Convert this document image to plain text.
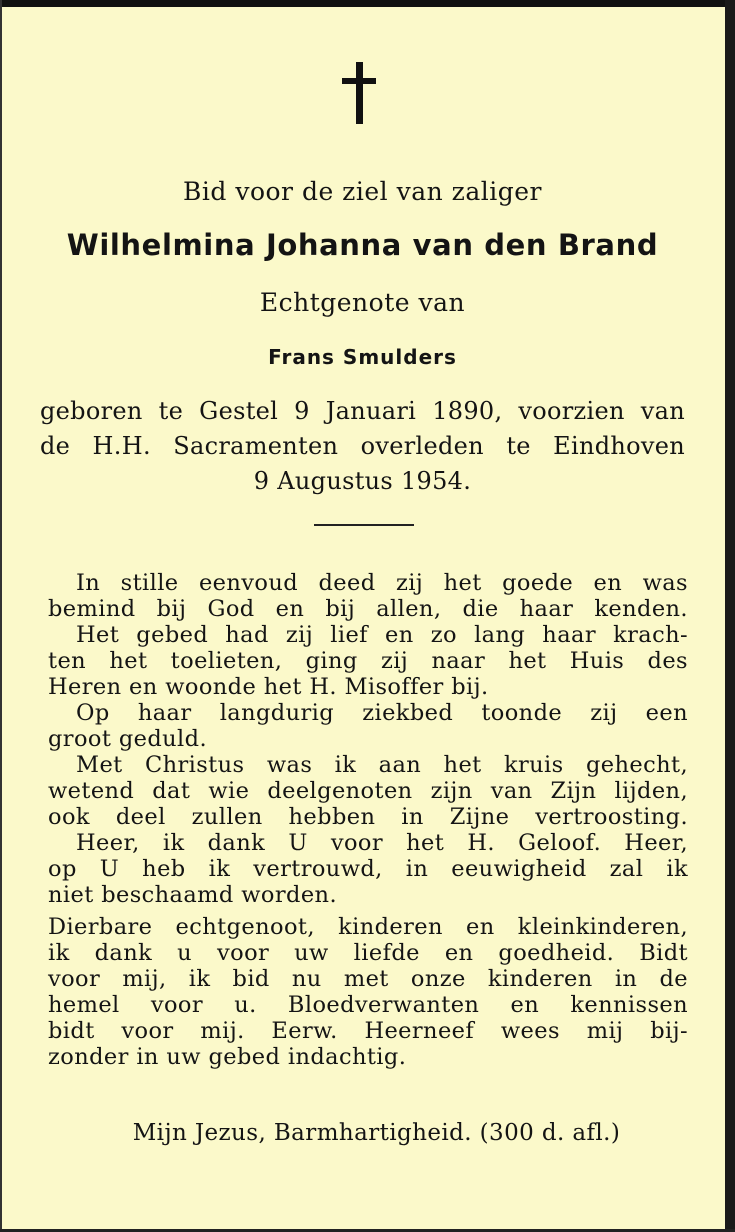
Bid voor de ziel van zaliger
Wilhelmina Johanna van den Brand
Echtgenote van
Frans Smulders
geboren te Gestel 9 Januari 1890, voorzien van
de H.H. Sacramenten overleden te Eindhoven
9 Augustus 1954.
In stille eenvoud deed zij het goede en was
bemind bij God en bij allen, die haar kenden.
Het gebed had zij lief en zo lang haar krach-
ten het toelieten, ging zij naar het Huis des
Heren en woonde het H. Misoffer bij.
Op haar langdurig ziekbed toonde zij een
groot geduld.
Met Christus was ik aan het kruis gehecht,
wetend dat wie deelgenoten zijn van Zijn lijden,
ook deel zullen hebben in Zijne vertroosting.
Heer, ik dank U voor het H. Geloof. Heer,
op U heb ik vertrouwd, in eeuwigheid zal ik
niet beschaamd worden.
Dierbare echtgenoot, kinderen en kleinkinderen,
ik dank u voor uw liefde en goedheid. Bidt
voor mij, ik bid nu met onze kinderen in de
hemel voor u. Bloedverwanten en kennissen
bidt voor mij. Eerw. Heerneef wees mij bij-
zonder in uw gebed indachtig.
Mijn Jezus, Barmhartigheid. (300 d. afl.)
